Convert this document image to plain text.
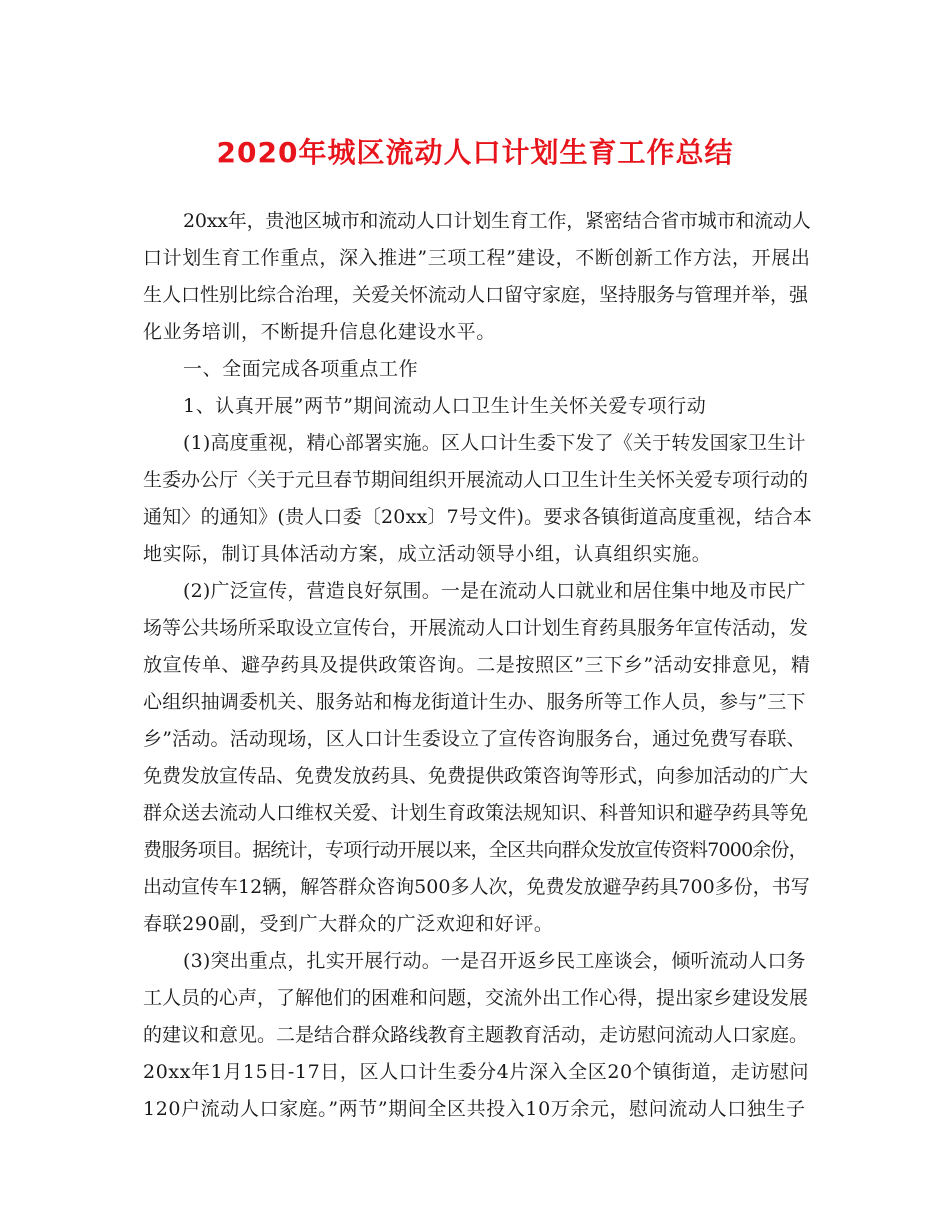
2020年城区流动人口计划生育工作总结
20xx年，贵池区城市和流动人口计划生育工作，紧密结合省市城市和流动人
口计划生育工作重点，深入推进”三项工程”建设，不断创新工作方法，开展出
生人口性别比综合治理，关爱关怀流动人口留守家庭，坚持服务与管理并举，强
化业务培训，不断提升信息化建设水平。
一、全面完成各项重点工作
1、认真开展”两节”期间流动人口卫生计生关怀关爱专项行动
(1)高度重视，精心部署实施。区人口计生委下发了《关于转发国家卫生计
生委办公厅〈关于元旦春节期间组织开展流动人口卫生计生关怀关爱专项行动的
通知〉的通知》(贵人口委〔20xx〕7号文件)。要求各镇街道高度重视，结合本
地实际，制订具体活动方案，成立活动领导小组，认真组织实施。
(2)广泛宣传，营造良好氛围。一是在流动人口就业和居住集中地及市民广
场等公共场所采取设立宣传台，开展流动人口计划生育药具服务年宣传活动，发
放宣传单、避孕药具及提供政策咨询。二是按照区”三下乡”活动安排意见，精
心组织抽调委机关、服务站和梅龙街道计生办、服务所等工作人员，参与”三下
乡”活动。活动现场，区人口计生委设立了宣传咨询服务台，通过免费写春联、
免费发放宣传品、免费发放药具、免费提供政策咨询等形式，向参加活动的广大
群众送去流动人口维权关爱、计划生育政策法规知识、科普知识和避孕药具等免
费服务项目。据统计，专项行动开展以来，全区共向群众发放宣传资料7000余份，
出动宣传车12辆，解答群众咨询500多人次，免费发放避孕药具700多份，书写
春联290副，受到广大群众的广泛欢迎和好评。
(3)突出重点，扎实开展行动。一是召开返乡民工座谈会，倾听流动人口务
工人员的心声，了解他们的困难和问题，交流外出工作心得，提出家乡建设发展
的建议和意见。二是结合群众路线教育主题教育活动，走访慰问流动人口家庭。
20xx年1月15日-17日，区人口计生委分4片深入全区20个镇街道，走访慰问
120户流动人口家庭。”两节”期间全区共投入10万余元，慰问流动人口独生子
